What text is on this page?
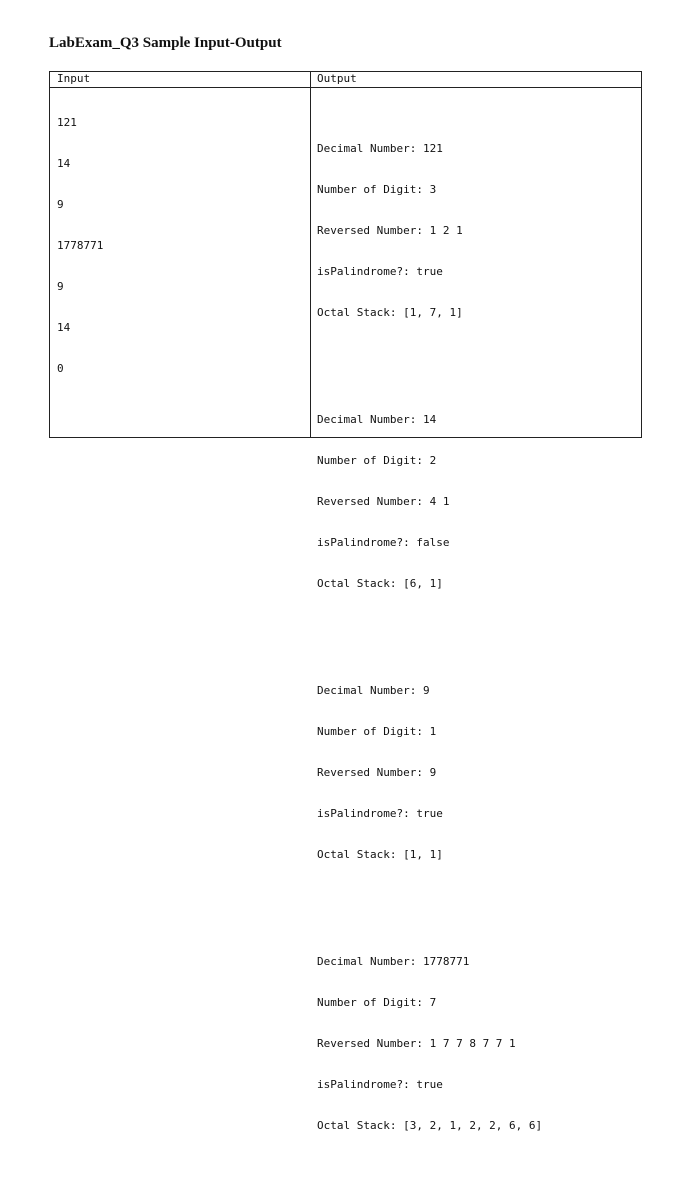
LabExam_Q3 Sample Input-Output
Input	Output

121

14

9

1778771

9

14

0

Decimal Number: 121

Number of Digit: 3

Reversed Number: 1 2 1

isPalindrome?: true

Octal Stack: [1, 7, 1]

Decimal Number: 14

Number of Digit: 2

Reversed Number: 4 1

isPalindrome?: false

Octal Stack: [6, 1]

Decimal Number: 9

Number of Digit: 1

Reversed Number: 9

isPalindrome?: true

Octal Stack: [1, 1]

Decimal Number: 1778771

Number of Digit: 7

Reversed Number: 1 7 7 8 7 7 1

isPalindrome?: true

Octal Stack: [3, 2, 1, 2, 2, 6, 6]
